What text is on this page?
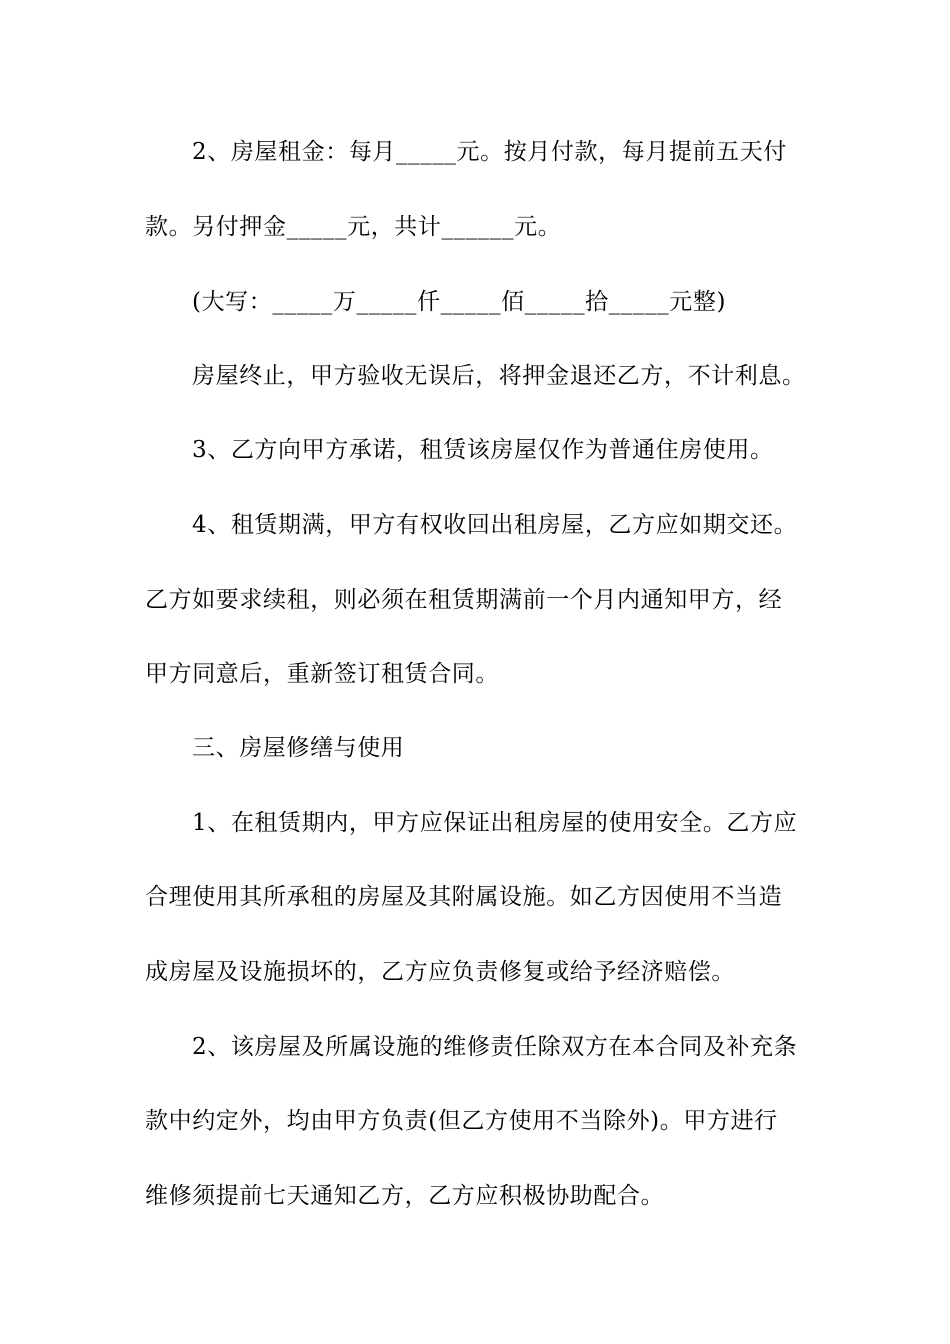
2、房屋租金：每月_____元。按月付款，每月提前五天付
款。另付押金_____元，共计______元。
(大写：_____万_____仟_____佰_____拾_____元整)
房屋终止，甲方验收无误后，将押金退还乙方，不计利息。
3、乙方向甲方承诺，租赁该房屋仅作为普通住房使用。
4、租赁期满，甲方有权收回出租房屋，乙方应如期交还。
乙方如要求续租，则必须在租赁期满前一个月内通知甲方，经
甲方同意后，重新签订租赁合同。
三、房屋修缮与使用
1、在租赁期内，甲方应保证出租房屋的使用安全。乙方应
合理使用其所承租的房屋及其附属设施。如乙方因使用不当造
成房屋及设施损坏的，乙方应负责修复或给予经济赔偿。
2、该房屋及所属设施的维修责任除双方在本合同及补充条
款中约定外，均由甲方负责(但乙方使用不当除外)。甲方进行
维修须提前七天通知乙方，乙方应积极协助配合。
